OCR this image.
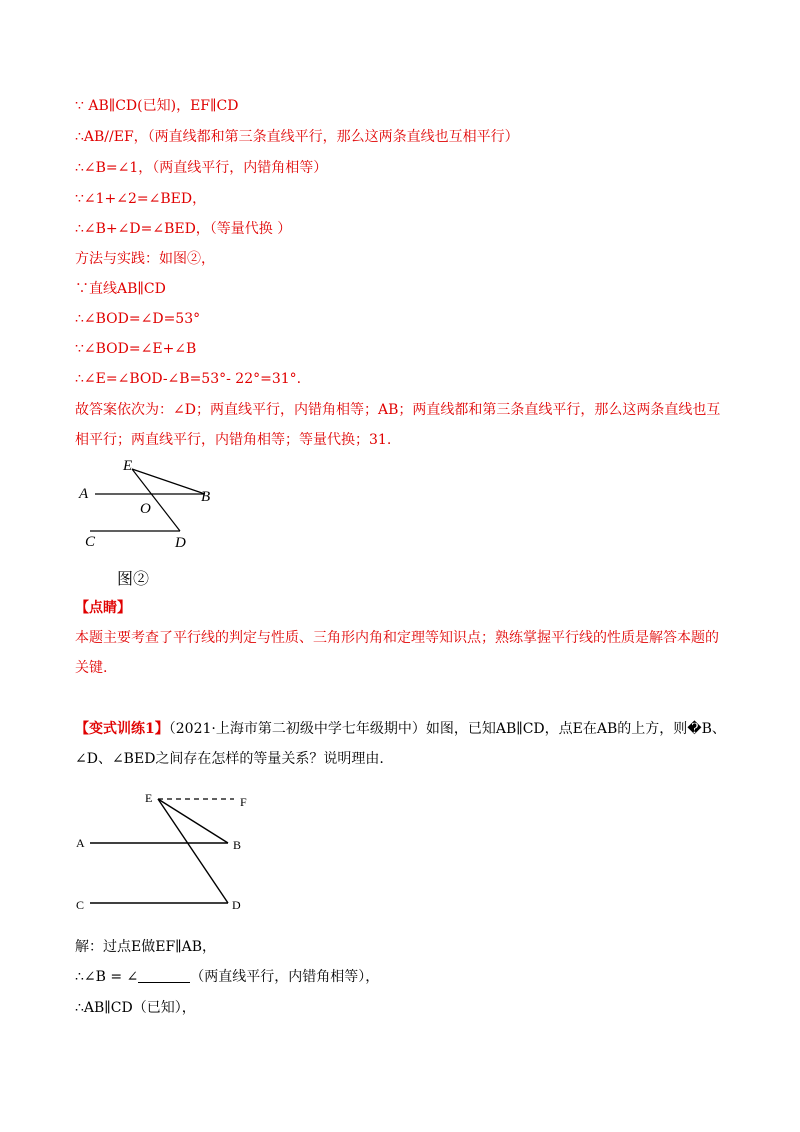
∵ AB∥CD(已知)，EF∥CD
∴AB//EF，（两直线都和第三条直线平行，那么这两条直线也互相平行）
∴∠B=∠1，（两直线平行，内错角相等）
∵∠1+∠2=∠BED，
∴∠B+∠D=∠BED，（等量代换 ）
方法与实践：如图②，
∵直线AB∥CD
∴∠BOD=∠D=53°
∵∠BOD=∠E+∠B
∴∠E=∠BOD-∠B=53°- 22°=31°.
故答案依次为：∠D；两直线平行，内错角相等；AB；两直线都和第三条直线平行，那么这两条直线也互
相平行；两直线平行，内错角相等；等量代换；31.
E
A	B
O
C	D
图②
【点睛】
本题主要考查了平行线的判定与性质、三角形内角和定理等知识点；熟练掌握平行线的性质是解答本题的
关键.
【变式训练1】（2021·上海市第二初级中学七年级期中）如图，已知AB∥CD，点E在AB的上方，则�B、
∠D、∠BED之间存在怎样的等量关系？说明理由.
E	F
A	B
C	D
解：过点E做EF∥AB，
∴∠B = ∠	（两直线平行，内错角相等），
∴AB∥CD（已知），
